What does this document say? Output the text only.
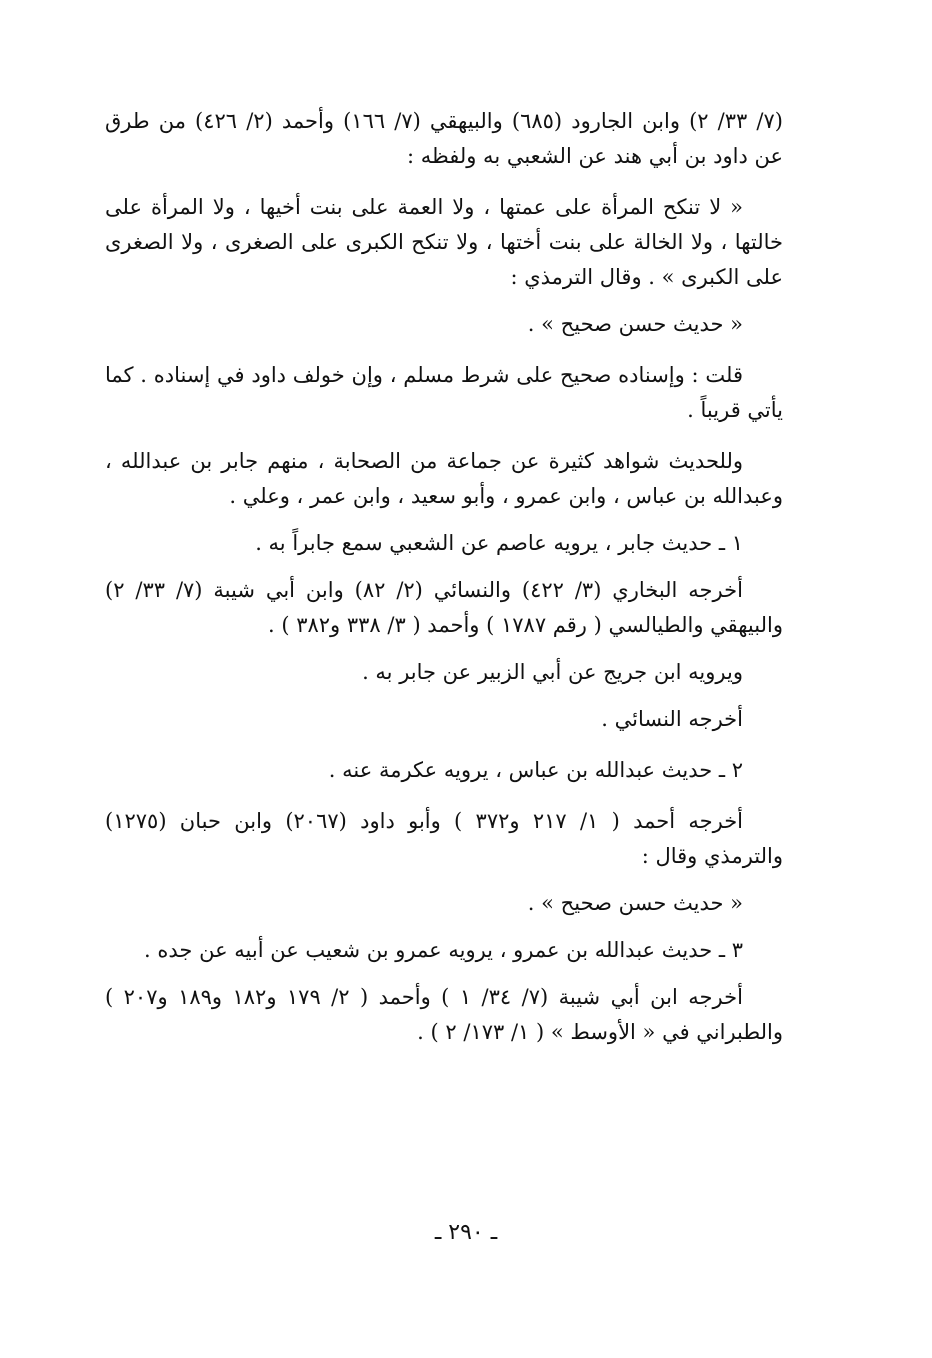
(٧/ ٣٣/ ٢) وابن الجارود (٦٨٥) والبيهقي (٧/ ١٦٦) وأحمد (٢/ ٤٢٦) من طرق عن داود بن أبي هند عن الشعبي به ولفظه :

« لا تنكح المرأة على عمتها ، ولا العمة على بنت أخيها ، ولا المرأة على خالتها ، ولا الخالة على بنت أختها ، ولا تنكح الكبرى على الصغرى ، ولا الصغرى على الكبرى » . وقال الترمذي :

« حديث حسن صحيح » .

قلت : وإسناده صحيح على شرط مسلم ، وإن خولف داود في إسناده . كما يأتي قريباً .

وللحديث شواهد كثيرة عن جماعة من الصحابة ، منهم جابر بن عبدالله ، وعبدالله بن عباس ، وابن عمرو ، وأبو سعيد ، وابن عمر ، وعلي .

١ ـ حديث جابر ، يرويه عاصم عن الشعبي سمع جابراً به .

أخرجه البخاري (٣/ ٤٢٢) والنسائي (٢/ ٨٢) وابن أبي شيبة (٧/ ٣٣/ ٢) والبيهقي والطيالسي ( رقم ١٧٨٧ ) وأحمد ( ٣/ ٣٣٨ و٣٨٢ ) .

ويرويه ابن جريج عن أبي الزبير عن جابر به .

أخرجه النسائي .

٢ ـ حديث عبدالله بن عباس ، يرويه عكرمة عنه .

أخرجه أحمد ( ١/ ٢١٧ و٣٧٢ ) وأبو داود (٢٠٦٧) وابن حبان (١٢٧٥) والترمذي وقال :

« حديث حسن صحيح » .

٣ ـ حديث عبدالله بن عمرو ، يرويه عمرو بن شعيب عن أبيه عن جده .

أخرجه ابن أبي شيبة (٧/ ٣٤/ ١ ) وأحمد ( ٢/ ١٧٩ و١٨٢ و١٨٩ و٢٠٧ ) والطبراني في « الأوسط » ( ١/ ١٧٣/ ٢ ) .

ـ ٢٩٠ ـ
